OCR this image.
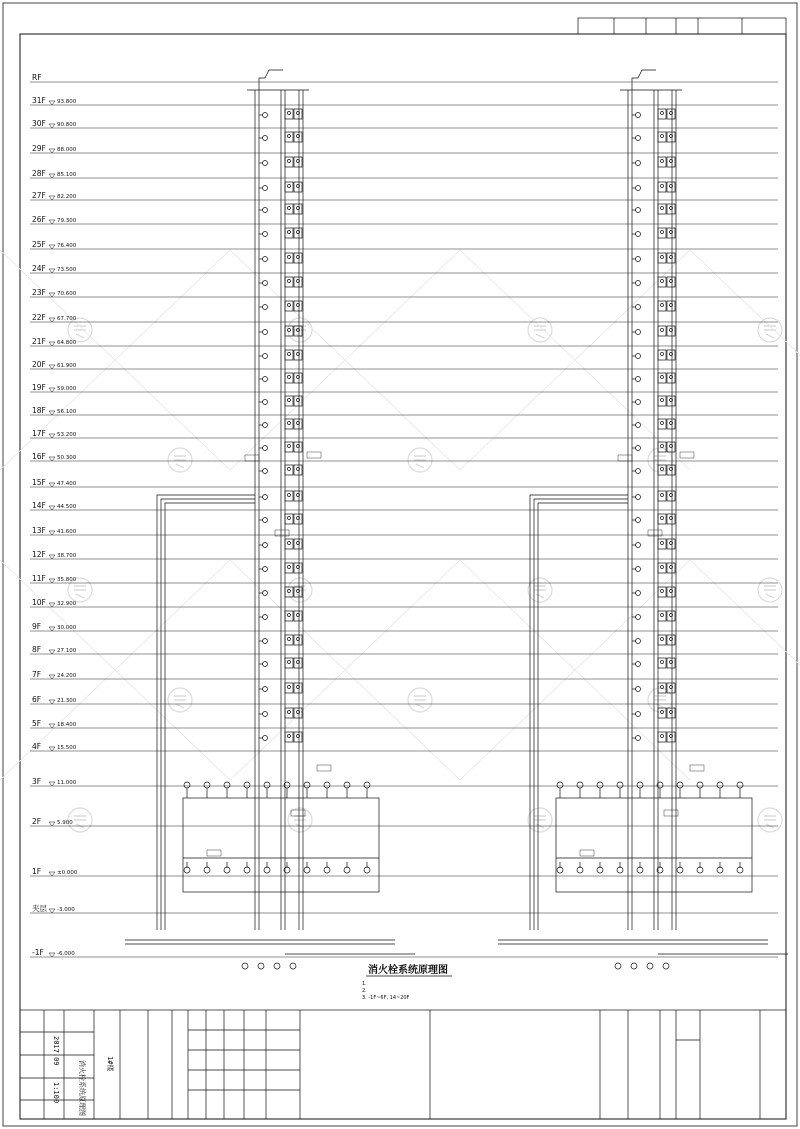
RF
31F 93.800
30F 90.800
29F 88.000
28F 85.100
27F 82.200
26F 79.300
25F 76.400
24F 73.500
23F 70.600
22F 67.700
21F 64.800
20F 61.900
19F 59.000
18F 56.100
17F 53.200
16F 50.300
15F 47.400
14F 44.500
13F 41.600
12F 38.700
11F 35.800
10F 32.900
9F	30.000
8F	27.100
7F	24.200
6F	21.300
5F	18.400
4F	15.500
3F	11.000
2F	5.900
1F	±0.000
夹层 -3.000
-1F -6.000
消火栓系统原理图
1.
2.
3. -1F~6F, 14~20F
消火栓系统原理图	1#楼
2017.09
1:100
